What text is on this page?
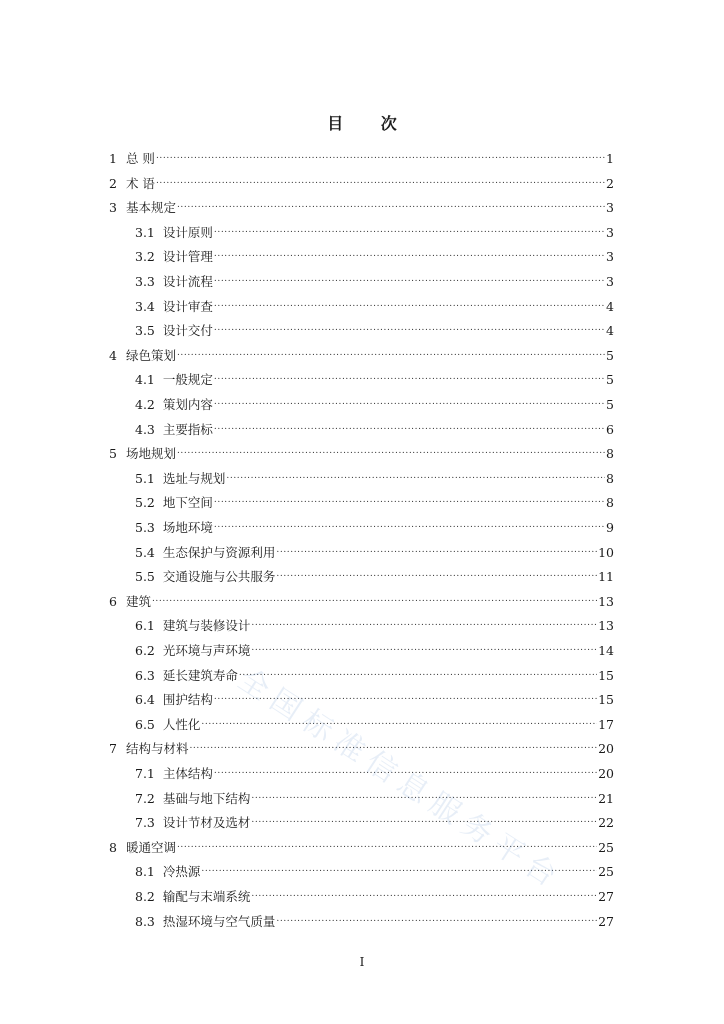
目 次
1 总 则 .....	1
2 术 语 .....	2
3 基本规定 .....	3
3.1 设计原则 .....	3
3.2 设计管理 .....	3
3.3 设计流程 .....	3
3.4 设计审查 .....	4
3.5 设计交付 .....	4
4 绿色策划 .....	5
4.1 一般规定 .....	5
4.2 策划内容 .....	5
4.3 主要指标 .....	6
5 场地规划 .....	8
5.1 选址与规划 .....	8
5.2 地下空间 .....	8
5.3 场地环境 .....	9
5.4 生态保护与资源利用 .....	10
5.5 交通设施与公共服务 .....	11
6 建筑 .....	13
6.1 建筑与装修设计 .....	13
6.2 光环境与声环境 .....	14
6.3 延长建筑寿命 .....	15
6.4 围护结构 .....	15
6.5 人性化 .....	17
7 结构与材料 .....	20
7.1 主体结构 .....	20
7.2 基础与地下结构 .....	21
7.3 设计节材及选材 .....	22
8 暖通空调 .....	25
8.1 冷热源 .....	25
8.2 输配与末端系统 .....	27
8.3 热湿环境与空气质量 .....	27
全国标准信息服务平台
I
